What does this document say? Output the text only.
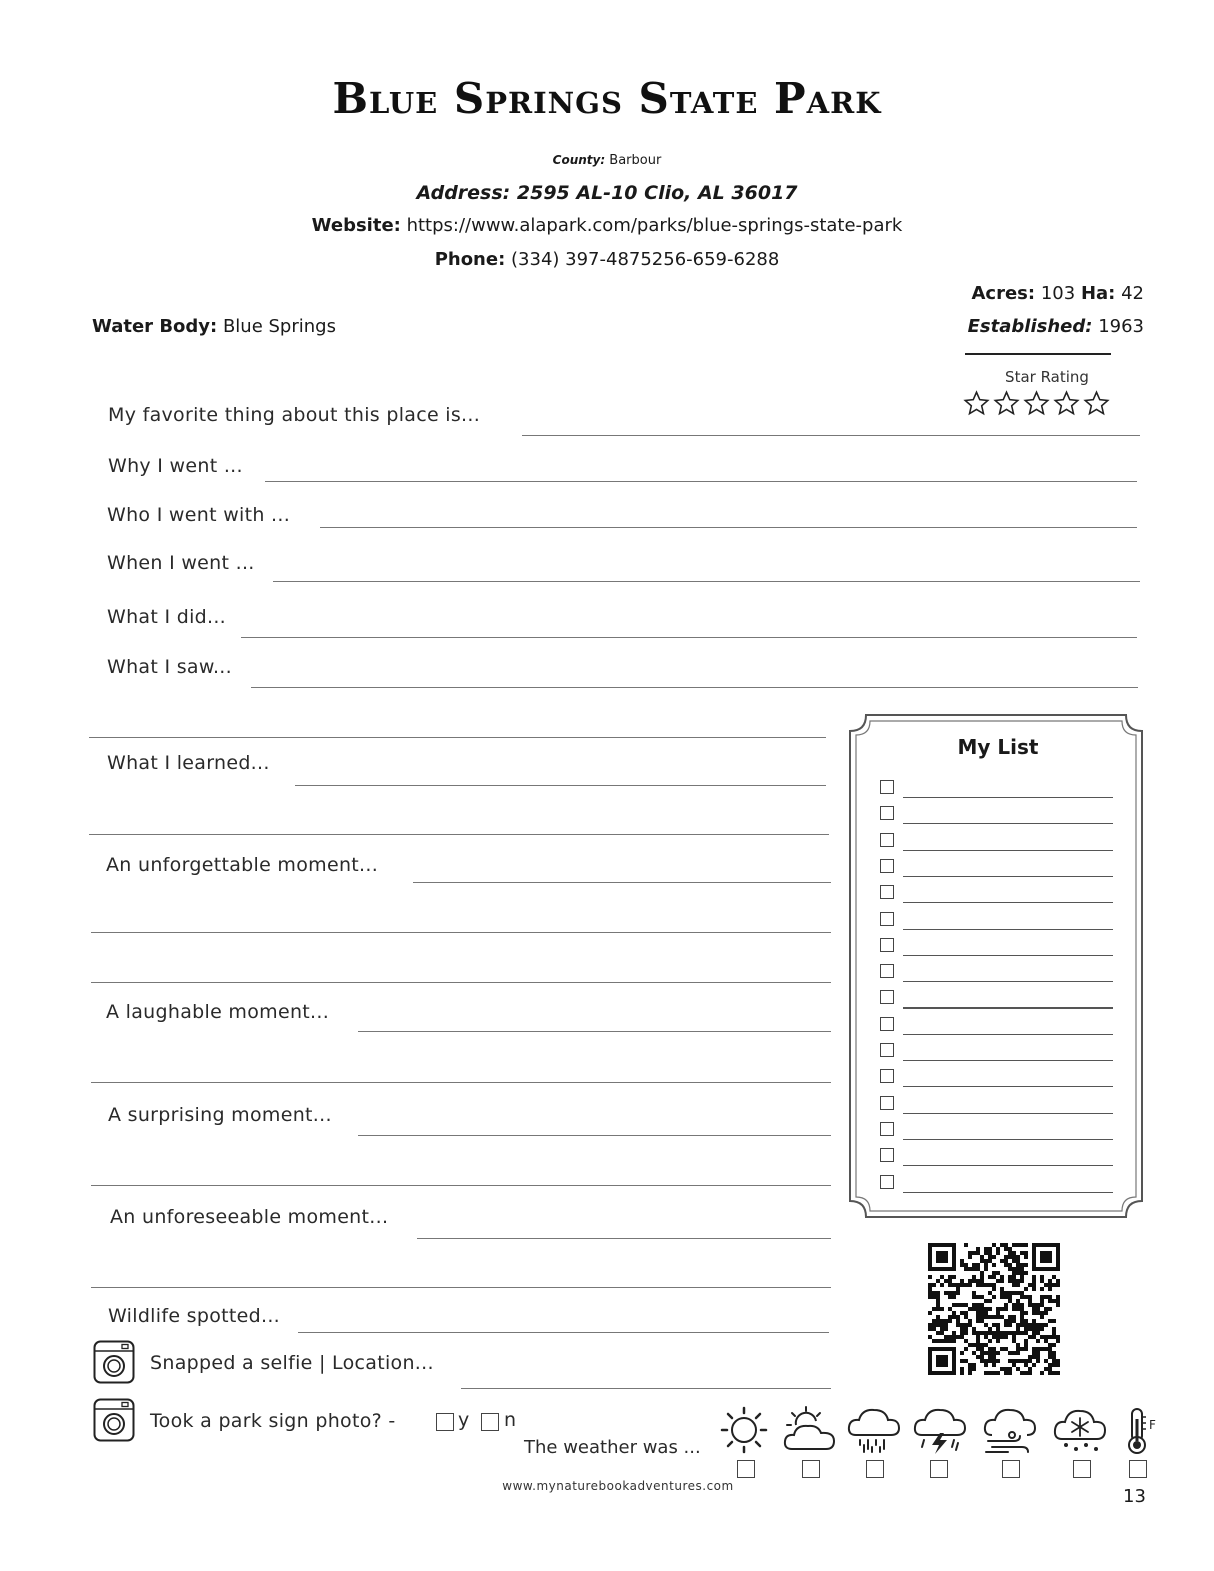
Blue Springs State Park
County: Barbour
Address: 2595 AL-10 Clio, AL 36017
Website: https://www.alapark.com/parks/blue-springs-state-park
Phone: (334) 397-4875256-659-6288
Acres: 103 Ha: 42
Established: 1963
Water Body: Blue Springs
Star Rating
My favorite thing about this place is...
Why I went ...
Who I went with ...
When I went ...
What I did...
What I saw...
What I learned...
An unforgettable moment...
A laughable moment...
A surprising moment...
An unforeseeable moment...
Wildlife spotted...
Snapped a selfie | Location...
Took a park sign photo? -	y n
My List
The weather was ...
F
www.mynaturebookadventures.com	13
